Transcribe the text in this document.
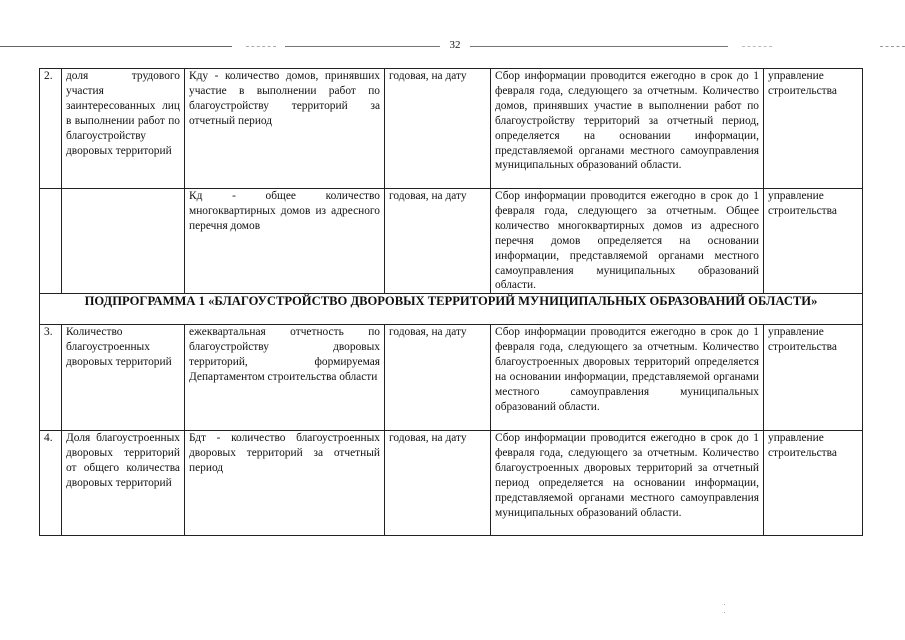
32
2.	доля трудового участия заинтересованных лиц в выполнении работ по благоустройству дворовых территорий	Кду - количество домов, принявших участие в выполнении работ по благоустройству территорий за отчетный период	годовая, на дату	Сбор информации проводится ежегодно в срок до 1 февраля года, следующего за отчетным. Количество домов, принявших участие в выполнении работ по благоустройству территорий за отчетный период, определяется на основании информации, представляемой органами местного самоуправления муниципальных образований области.	управление строительства
		Кд - общее количество многоквартирных домов из адресного перечня домов	годовая, на дату	Сбор информации проводится ежегодно в срок до 1 февраля года, следующего за отчетным. Общее количество многоквартирных домов из адресного перечня домов определяется на основании информации, представляемой органами местного самоуправления муниципальных образований области.	управление строительства
ПОДПРОГРАММА 1 «БЛАГОУСТРОЙСТВО ДВОРОВЫХ ТЕРРИТОРИЙ МУНИЦИПАЛЬНЫХ ОБРАЗОВАНИЙ ОБЛАСТИ»					
3.	Количество благоустроенных дворовых территорий	ежеквартальная отчетность по благоустройству дворовых территорий, формируемая Департаментом строительства области	годовая, на дату	Сбор информации проводится ежегодно в срок до 1 февраля года, следующего за отчетным. Количество благоустроенных дворовых территорий определяется на основании информации, представляемой органами местного самоуправления муниципальных образований области.	управление строительства
4.	Доля благоустроенных дворовых территорий от общего количества дворовых территорий	Бдт - количество благоустроенных дворовых территорий за отчетный период	годовая, на дату	Сбор информации проводится ежегодно в срок до 1 февраля года, следующего за отчетным. Количество благоустроенных дворовых территорий за отчетный период определяется на основании информации, представляемой органами местного самоуправления муниципальных образований области.	управление строительства
